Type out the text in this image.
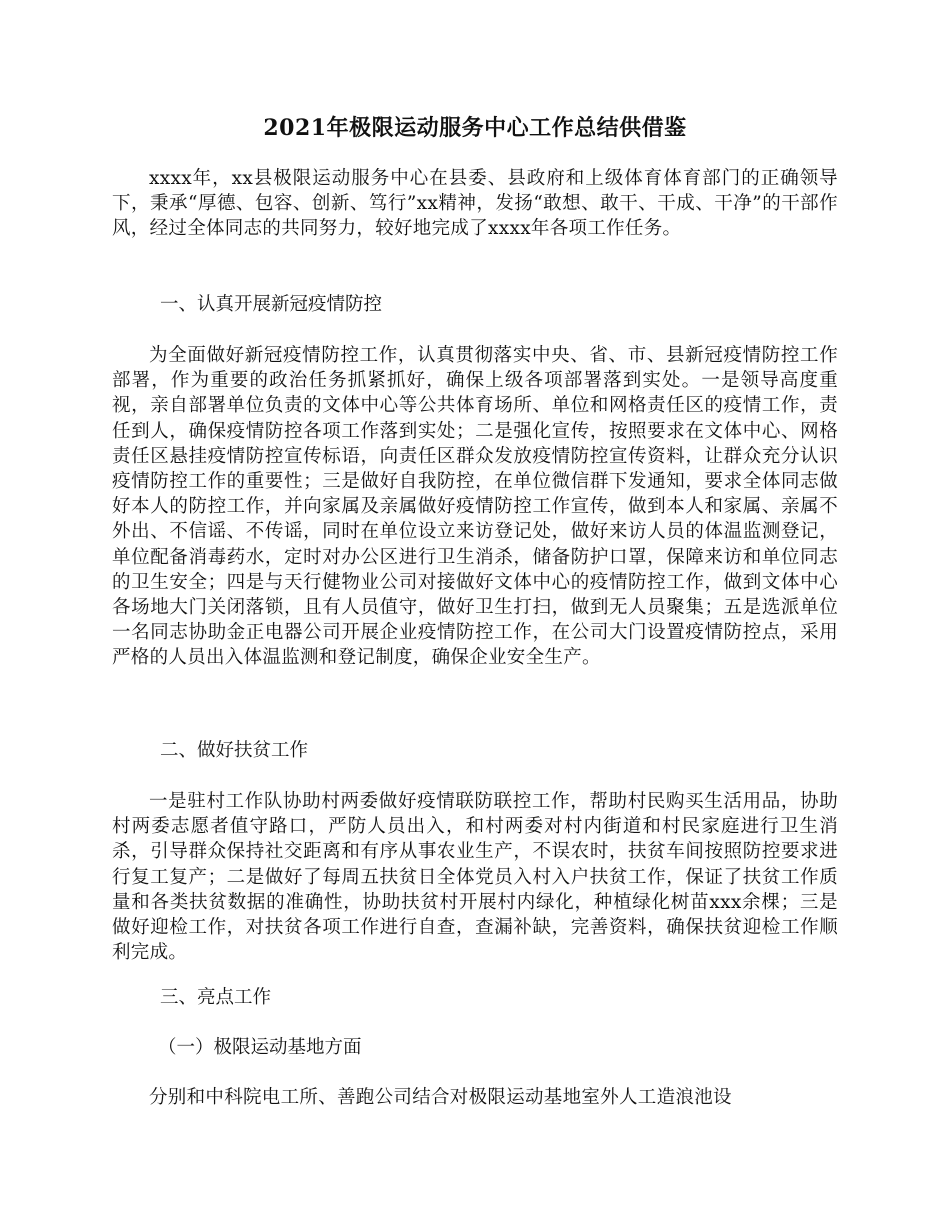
2021年极限运动服务中心工作总结供借鉴

xxxx年，xx县极限运动服务中心在县委、县政府和上级体育体育部门的正确领导下，秉承“厚德、包容、创新、笃行”xx精神，发扬“敢想、敢干、干成、干净”的干部作风，经过全体同志的共同努力，较好地完成了xxxx年各项工作任务。

一、认真开展新冠疫情防控

为全面做好新冠疫情防控工作，认真贯彻落实中央、省、市、县新冠疫情防控工作部署，作为重要的政治任务抓紧抓好，确保上级各项部署落到实处。一是领导高度重视，亲自部署单位负责的文体中心等公共体育场所、单位和网格责任区的疫情工作，责任到人，确保疫情防控各项工作落到实处；二是强化宣传，按照要求在文体中心、网格责任区悬挂疫情防控宣传标语，向责任区群众发放疫情防控宣传资料，让群众充分认识疫情防控工作的重要性；三是做好自我防控，在单位微信群下发通知，要求全体同志做好本人的防控工作，并向家属及亲属做好疫情防控工作宣传，做到本人和家属、亲属不外出、不信谣、不传谣，同时在单位设立来访登记处，做好来访人员的体温监测登记，单位配备消毒药水，定时对办公区进行卫生消杀，储备防护口罩，保障来访和单位同志的卫生安全；四是与天行健物业公司对接做好文体中心的疫情防控工作，做到文体中心各场地大门关闭落锁，且有人员值守，做好卫生打扫，做到无人员聚集；五是选派单位一名同志协助金正电器公司开展企业疫情防控工作，在公司大门设置疫情防控点，采用严格的人员出入体温监测和登记制度，确保企业安全生产。

二、做好扶贫工作

一是驻村工作队协助村两委做好疫情联防联控工作，帮助村民购买生活用品，协助村两委志愿者值守路口，严防人员出入，和村两委对村内街道和村民家庭进行卫生消杀，引导群众保持社交距离和有序从事农业生产，不误农时，扶贫车间按照防控要求进行复工复产；二是做好了每周五扶贫日全体党员入村入户扶贫工作，保证了扶贫工作质量和各类扶贫数据的准确性，协助扶贫村开展村内绿化，种植绿化树苗xxx余棵；三是做好迎检工作，对扶贫各项工作进行自查，查漏补缺，完善资料，确保扶贫迎检工作顺利完成。

三、亮点工作

（一）极限运动基地方面

分别和中科院电工所、善跑公司结合对极限运动基地室外人工造浪池设
